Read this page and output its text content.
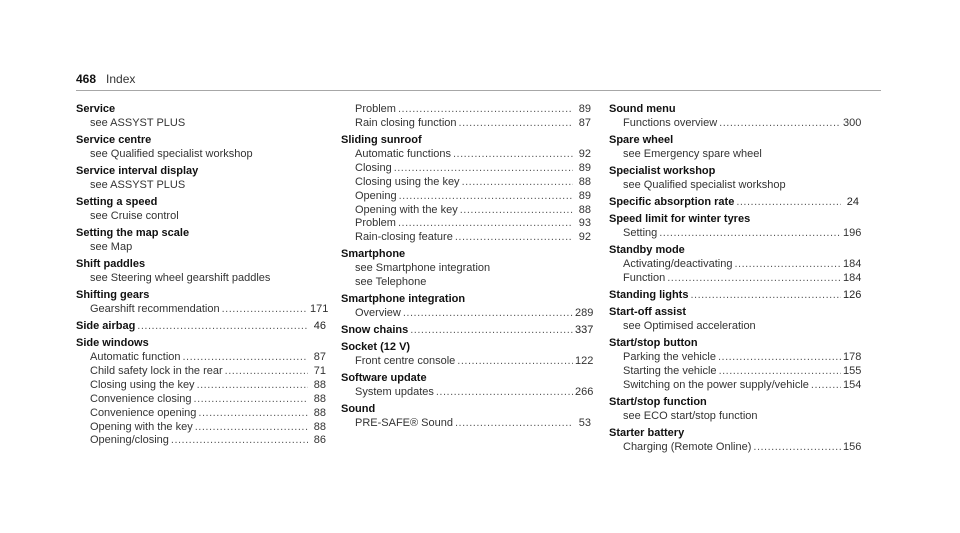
468 Index
Service
see ASSYST PLUS
Service centre
see Qualified specialist workshop
Service interval display
see ASSYST PLUS
Setting a speed
see Cruise control
Setting the map scale
see Map
Shift paddles
see Steering wheel gearshift paddles
Shifting gears
Gearshift recommendation .....	171
Side airbag .....	46
Side windows
Automatic function .....	87
Child safety lock in the rear .....	71
Closing using the key .....	88
Convenience closing .....	88
Convenience opening .....	88
Opening with the key .....	88
Opening/closing .....	86
Problem .....	89
Rain closing function .....	87
Sliding sunroof
Automatic functions .....	92
Closing .....	89
Closing using the key .....	88
Opening .....	89
Opening with the key .....	88
Problem .....	93
Rain-closing feature .....	92
Smartphone
see Smartphone integration
see Telephone
Smartphone integration
Overview .....	289
Snow chains .....	337
Socket (12 V)
Front centre console .....	122
Software update
System updates .....	266
Sound
PRE-SAFE® Sound .....	53
Sound menu
Functions overview .....	300
Spare wheel
see Emergency spare wheel
Specialist workshop
see Qualified specialist workshop
Specific absorption rate .....	24
Speed limit for winter tyres
Setting .....	196
Standby mode
Activating/deactivating .....	184
Function .....	184
Standing lights .....	126
Start-off assist
see Optimised acceleration
Start/stop button
Parking the vehicle .....	178
Starting the vehicle .....	155
Switching on the power supply/vehicle .....	154
Start/stop function
see ECO start/stop function
Starter battery
Charging (Remote Online) .....	156
